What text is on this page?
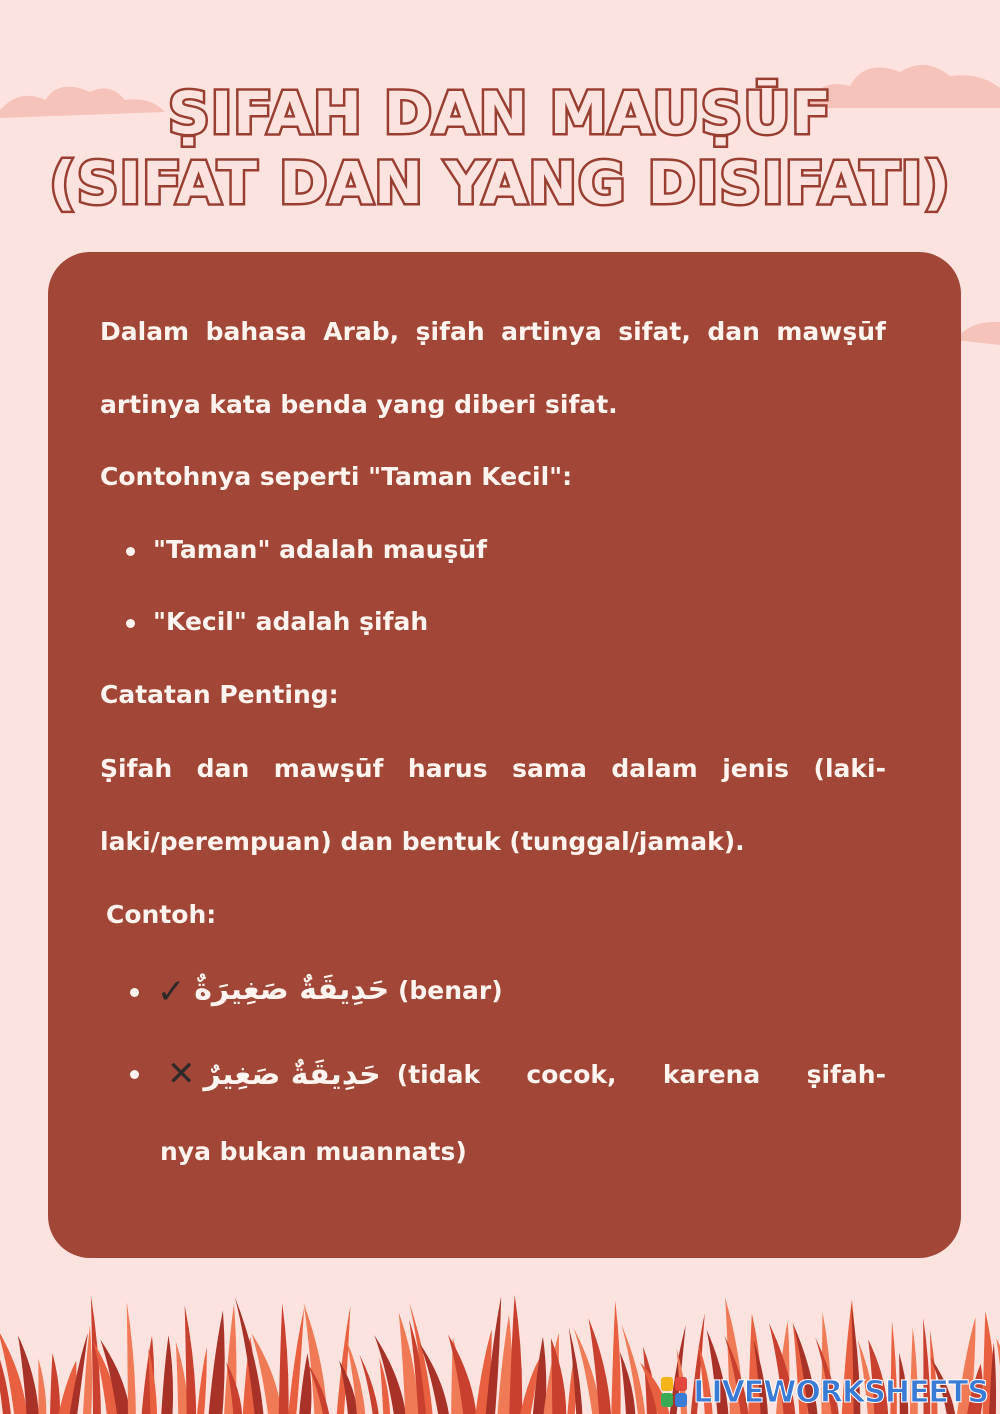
ṢIFAH DAN MAUṢŪF
(SIFAT DAN YANG DISIFATI)
Dalam bahasa Arab, ṣifah artinya sifat, dan mawṣūf
artinya kata benda yang diberi sifat.
Contohnya seperti "Taman Kecil":
"Taman" adalah mauṣūf
"Kecil" adalah ṣifah
Catatan Penting:
Ṣifah dan mawṣūf harus sama dalam jenis (laki-
laki/perempuan) dan bentuk (tunggal/jamak).
Contoh:
✓ حَدِيقَةٌ صَغِيرَةٌ (benar)
✕ حَدِيقَةٌ صَغِيرٌ (tidak cocok, karena ṣifah-
nya bukan muannats)
LIVEWORKSHEETS
